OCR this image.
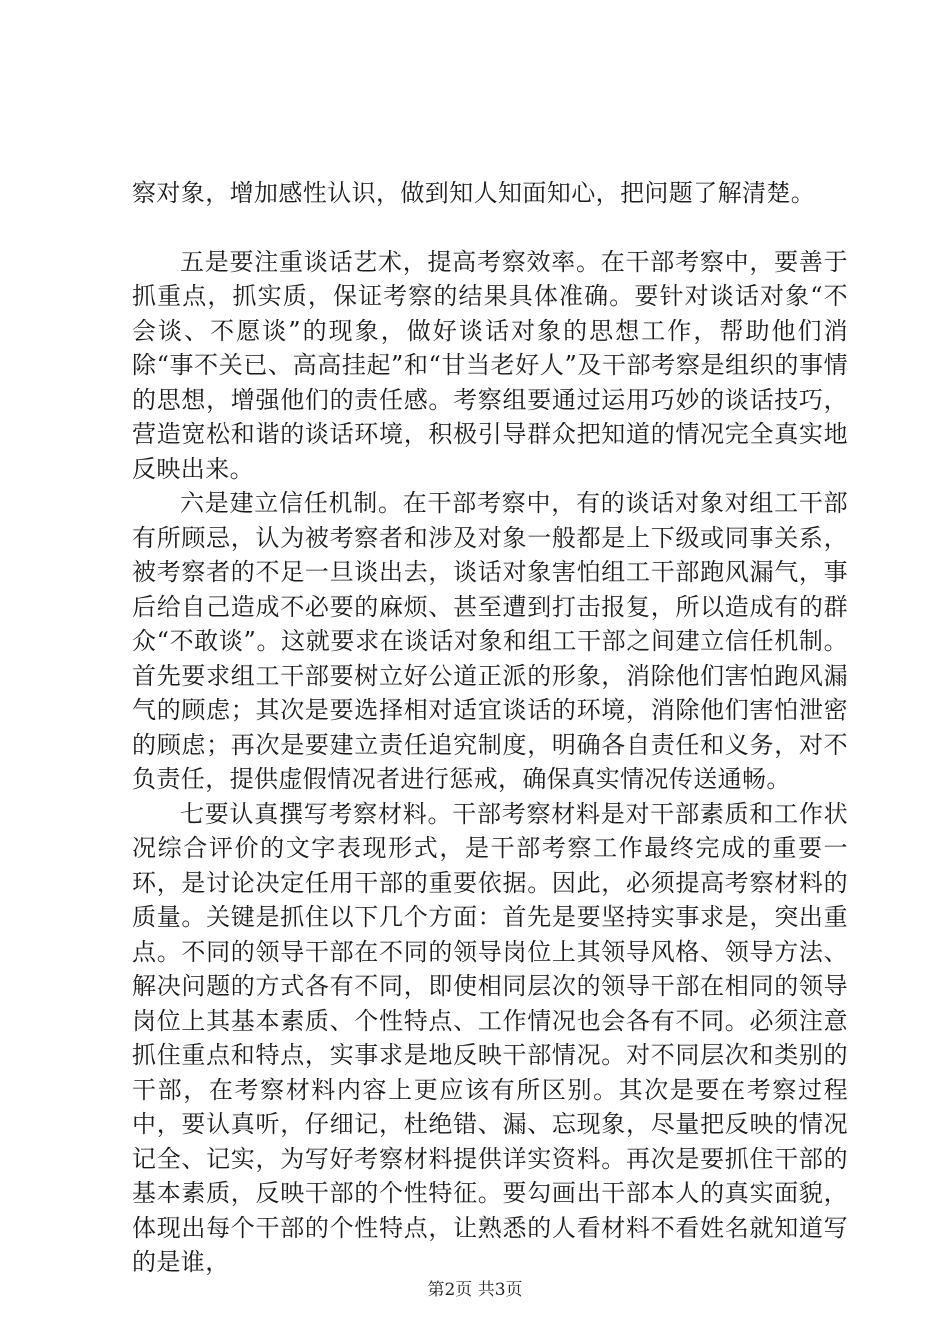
察对象，增加感性认识，做到知人知面知心，把问题了解清楚。

五是要注重谈话艺术，提高考察效率。在干部考察中，要善于抓重点，抓实质，保证考察的结果具体准确。要针对谈话对象“不会谈、不愿谈”的现象，做好谈话对象的思想工作，帮助他们消除“事不关已、高高挂起”和“甘当老好人”及干部考察是组织的事情的思想，增强他们的责任感。考察组要通过运用巧妙的谈话技巧，营造宽松和谐的谈话环境，积极引导群众把知道的情况完全真实地反映出来。

六是建立信任机制。在干部考察中，有的谈话对象对组工干部有所顾忌，认为被考察者和涉及对象一般都是上下级或同事关系，被考察者的不足一旦谈出去，谈话对象害怕组工干部跑风漏气，事后给自己造成不必要的麻烦、甚至遭到打击报复，所以造成有的群众“不敢谈”。这就要求在谈话对象和组工干部之间建立信任机制。首先要求组工干部要树立好公道正派的形象，消除他们害怕跑风漏气的顾虑；其次是要选择相对适宜谈话的环境，消除他们害怕泄密的顾虑；再次是要建立责任追究制度，明确各自责任和义务，对不负责任，提供虚假情况者进行惩戒，确保真实情况传送通畅。

七要认真撰写考察材料。干部考察材料是对干部素质和工作状况综合评价的文字表现形式，是干部考察工作最终完成的重要一环，是讨论决定任用干部的重要依据。因此，必须提高考察材料的质量。关键是抓住以下几个方面：首先是要坚持实事求是，突出重点。不同的领导干部在不同的领导岗位上其领导风格、领导方法、解决问题的方式各有不同，即使相同层次的领导干部在相同的领导岗位上其基本素质、个性特点、工作情况也会各有不同。必须注意抓住重点和特点，实事求是地反映干部情况。对不同层次和类别的干部，在考察材料内容上更应该有所区别。其次是要在考察过程中，要认真听，仔细记，杜绝错、漏、忘现象，尽量把反映的情况记全、记实，为写好考察材料提供详实资料。再次是要抓住干部的基本素质，反映干部的个性特征。要勾画出干部本人的真实面貌，体现出每个干部的个性特点，让熟悉的人看材料不看姓名就知道写的是谁，

第2页 共3页
